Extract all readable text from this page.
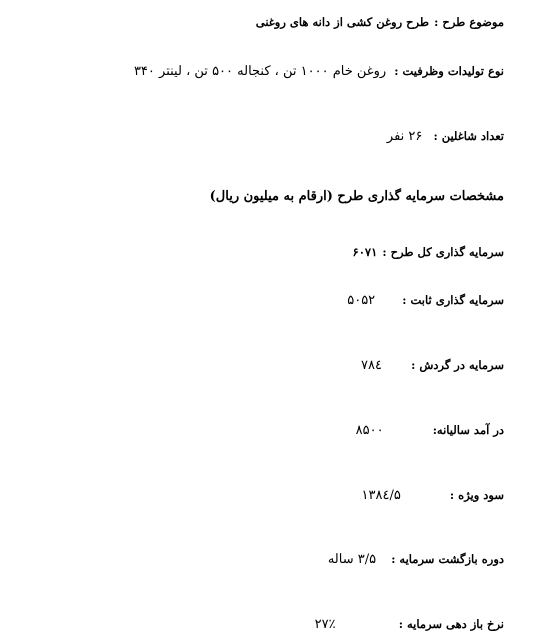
موضوع طرح : طرح روغن کشی از دانه های روغنی
نوع تولیدات وظرفیت : روغن خام ۱۰۰۰ تن ، کنجاله ۵۰۰ تن ، لینتر ۳۴۰
تعداد شاغلین : ۲۶ نفر
مشخصات سرمایه گذاری طرح (ارقام به میلیون ریال)
سرمایه گذاری کل طرح : ۶۰۷۱
سرمایه گذاری ثابت : ۵۰۵۲
سرمایه در گردش : ۷۸٤
در آمد سالیانه: ۸۵۰۰
سود ویژه : ۱۳۸٤/۵
دوره بازگشت سرمایه : ۳/۵ ساله
نرخ باز دهی سرمایه : ٪۲۷
